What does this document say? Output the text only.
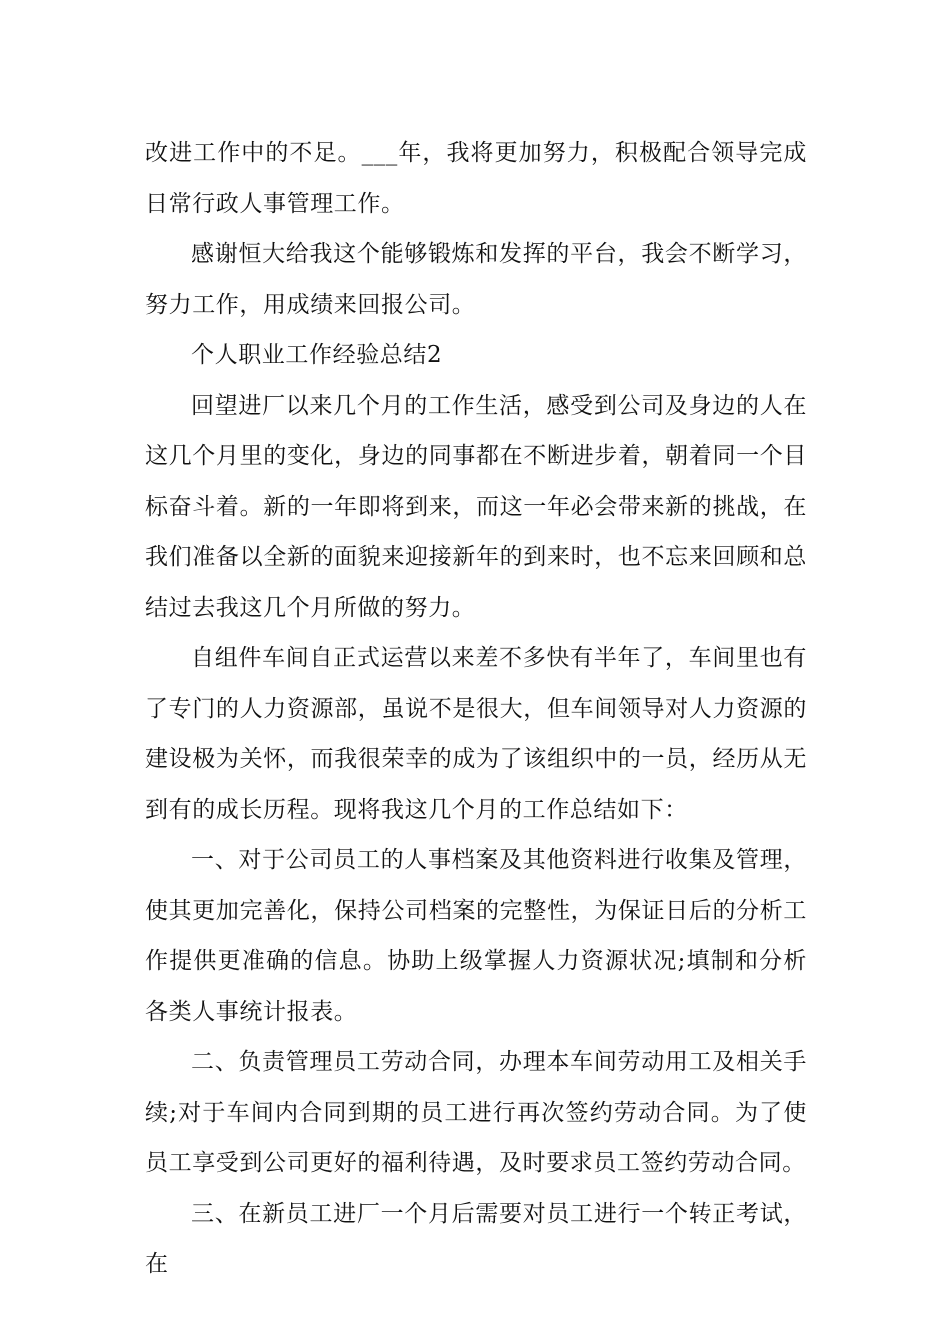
改进工作中的不足。___年，我将更加努力，积极配合领导完成日常行政人事管理工作。

感谢恒大给我这个能够锻炼和发挥的平台，我会不断学习，努力工作，用成绩来回报公司。

个人职业工作经验总结2

回望进厂以来几个月的工作生活，感受到公司及身边的人在这几个月里的变化，身边的同事都在不断进步着，朝着同一个目标奋斗着。新的一年即将到来，而这一年必会带来新的挑战，在我们准备以全新的面貌来迎接新年的到来时，也不忘来回顾和总结过去我这几个月所做的努力。

自组件车间自正式运营以来差不多快有半年了，车间里也有了专门的人力资源部，虽说不是很大，但车间领导对人力资源的建设极为关怀，而我很荣幸的成为了该组织中的一员，经历从无到有的成长历程。现将我这几个月的工作总结如下：

一、对于公司员工的人事档案及其他资料进行收集及管理，使其更加完善化，保持公司档案的完整性，为保证日后的分析工作提供更准确的信息。协助上级掌握人力资源状况;填制和分析各类人事统计报表。

二、负责管理员工劳动合同，办理本车间劳动用工及相关手续;对于车间内合同到期的员工进行再次签约劳动合同。为了使员工享受到公司更好的福利待遇，及时要求员工签约劳动合同。

三、在新员工进厂一个月后需要对员工进行一个转正考试，在
